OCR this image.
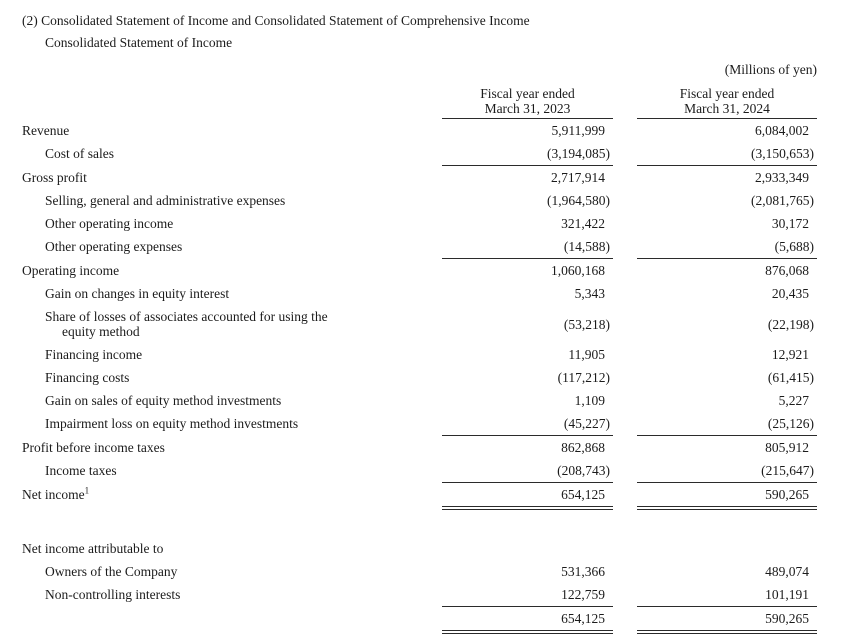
(2) Consolidated Statement of Income and Consolidated Statement of Comprehensive Income
Consolidated Statement of Income
(Millions of yen)
Fiscal year ended
March 31, 2023
Fiscal year ended
March 31, 2024
Revenue	5,911,999	6,084,002
Cost of sales	(3,194,085)	(3,150,653)
Gross profit	2,717,914	2,933,349
Selling, general and administrative expenses	(1,964,580)	(2,081,765)
Other operating income	321,422	30,172
Other operating expenses	(14,588)	(5,688)
Operating income	1,060,168	876,068
Gain on changes in equity interest	5,343	20,435
Share of losses of associates accounted for using the
equity method	(53,218)	(22,198)
Financing income	11,905	12,921
Financing costs	(117,212)	(61,415)
Gain on sales of equity method investments	1,109	5,227
Impairment loss on equity method investments	(45,227)	(25,126)
Profit before income taxes	862,868	805,912
Income taxes	(208,743)	(215,647)
Net income$^1$	654,125	590,265
Net income attributable to
Owners of the Company	531,366	489,074
Non-controlling interests	122,759	101,191
654,125	590,265
